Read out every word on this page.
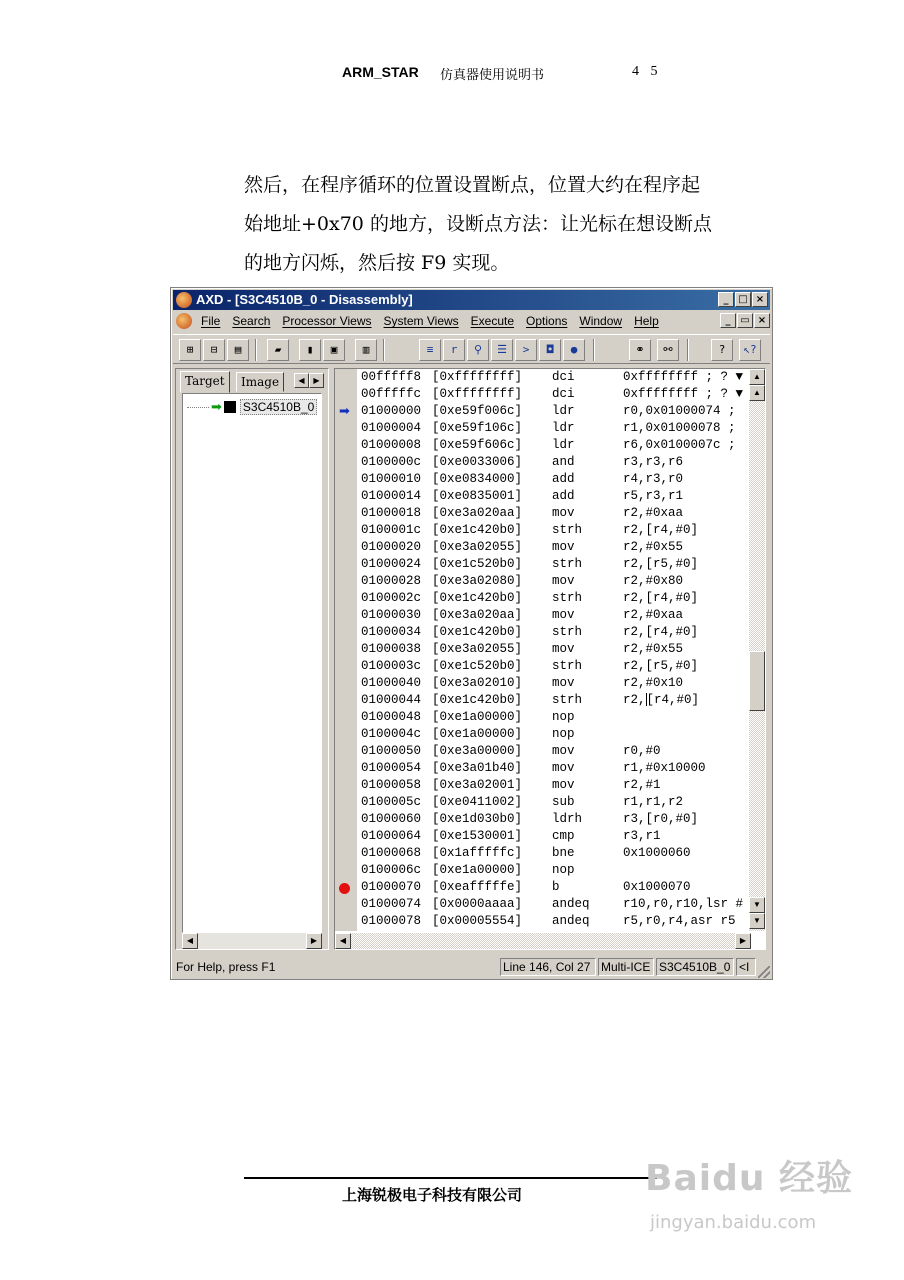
ARM_STAR 仿真器使用说明书	4 5
然后，在程序循环的位置设置断点，位置大约在程序起
始地址+0x70 的地方，设断点方法：让光标在想设断点
的地方闪烁，然后按 F9 实现。
AXD - [S3C4510B_0 - Disassembly]	_ □ ×
File Search Processor Views System Views Execute Options Window Help	_ ▭ ×
⊞	⊟	▤	▰	▮	▣	▥	≡	r	⚲	☰	>	◘	●	⚭	⚯	?	↖?
Target	Image	◀	▶
➡ S3C4510B_0
◀	▶
➡
00fffff8 [0xffffffff] dci	0xffffffff ; ? ▼
00fffffc [0xffffffff] dci	0xffffffff ; ? ▼
01000000 [0xe59f006c] ldr	r0,0x01000074 ;
01000004 [0xe59f106c] ldr	r1,0x01000078 ;
01000008 [0xe59f606c] ldr	r6,0x0100007c ;
0100000c [0xe0033006] and	r3,r3,r6
01000010 [0xe0834000] add	r4,r3,r0
01000014 [0xe0835001] add	r5,r3,r1
01000018 [0xe3a020aa] mov	r2,#0xaa
0100001c [0xe1c420b0] strh	r2,[r4,#0]
01000020 [0xe3a02055] mov	r2,#0x55
01000024 [0xe1c520b0] strh	r2,[r5,#0]
01000028 [0xe3a02080] mov	r2,#0x80
0100002c [0xe1c420b0] strh	r2,[r4,#0]
01000030 [0xe3a020aa] mov	r2,#0xaa
01000034 [0xe1c420b0] strh	r2,[r4,#0]
01000038 [0xe3a02055] mov	r2,#0x55
0100003c [0xe1c520b0] strh	r2,[r5,#0]
01000040 [0xe3a02010] mov	r2,#0x10
01000044 [0xe1c420b0] strh	r2,[r4,#0]
01000048 [0xe1a00000] nop
0100004c [0xe1a00000] nop
01000050 [0xe3a00000] mov	r0,#0
01000054 [0xe3a01b40] mov	r1,#0x10000
01000058 [0xe3a02001] mov	r2,#1
0100005c [0xe0411002] sub	r1,r1,r2
01000060 [0xe1d030b0] ldrh	r3,[r0,#0]
01000064 [0xe1530001] cmp	r3,r1
01000068 [0x1afffffc] bne	0x1000060
0100006c [0xe1a00000] nop
01000070 [0xeafffffe] b	0x1000070
01000074 [0x0000aaaa] andeq	r10,r0,r10,lsr #
01000078 [0x00005554] andeq	r5,r0,r4,asr r5
▲
▲
▼
▼
◀	▶
For Help, press F1	Line 146, Col 27 Multi-ICE S3C4510B_0 <I
上海锐极电子科技有限公司	Baidu 经验
jingyan.baidu.com
